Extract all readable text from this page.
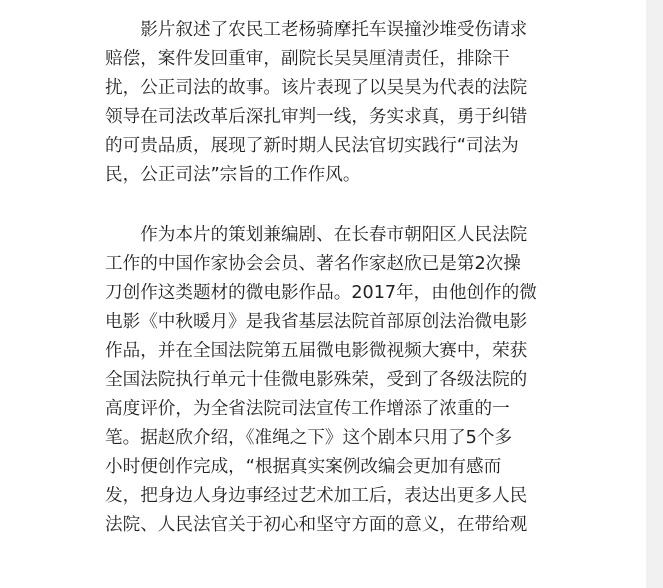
　　影片叙述了农民工老杨骑摩托车误撞沙堆受伤请求
赔偿，案件发回重审，副院长吴昊厘清责任，排除干
扰，公正司法的故事。该片表现了以吴昊为代表的法院
领导在司法改革后深扎审判一线，务实求真，勇于纠错
的可贵品质，展现了新时期人民法官切实践行“司法为
民，公正司法”宗旨的工作作风。
　　作为本片的策划兼编剧、在长春市朝阳区人民法院
工作的中国作家协会会员、著名作家赵欣已是第2次操
刀创作这类题材的微电影作品。2017年，由他创作的微
电影《中秋暖月》是我省基层法院首部原创法治微电影
作品，并在全国法院第五届微电影微视频大赛中，荣获
全国法院执行单元十佳微电影殊荣，受到了各级法院的
高度评价，为全省法院司法宣传工作增添了浓重的一
笔。据赵欣介绍，《准绳之下》这个剧本只用了5个多
小时便创作完成，“根据真实案例改编会更加有感而
发，把身边人身边事经过艺术加工后，表达出更多人民
法院、人民法官关于初心和坚守方面的意义，在带给观
